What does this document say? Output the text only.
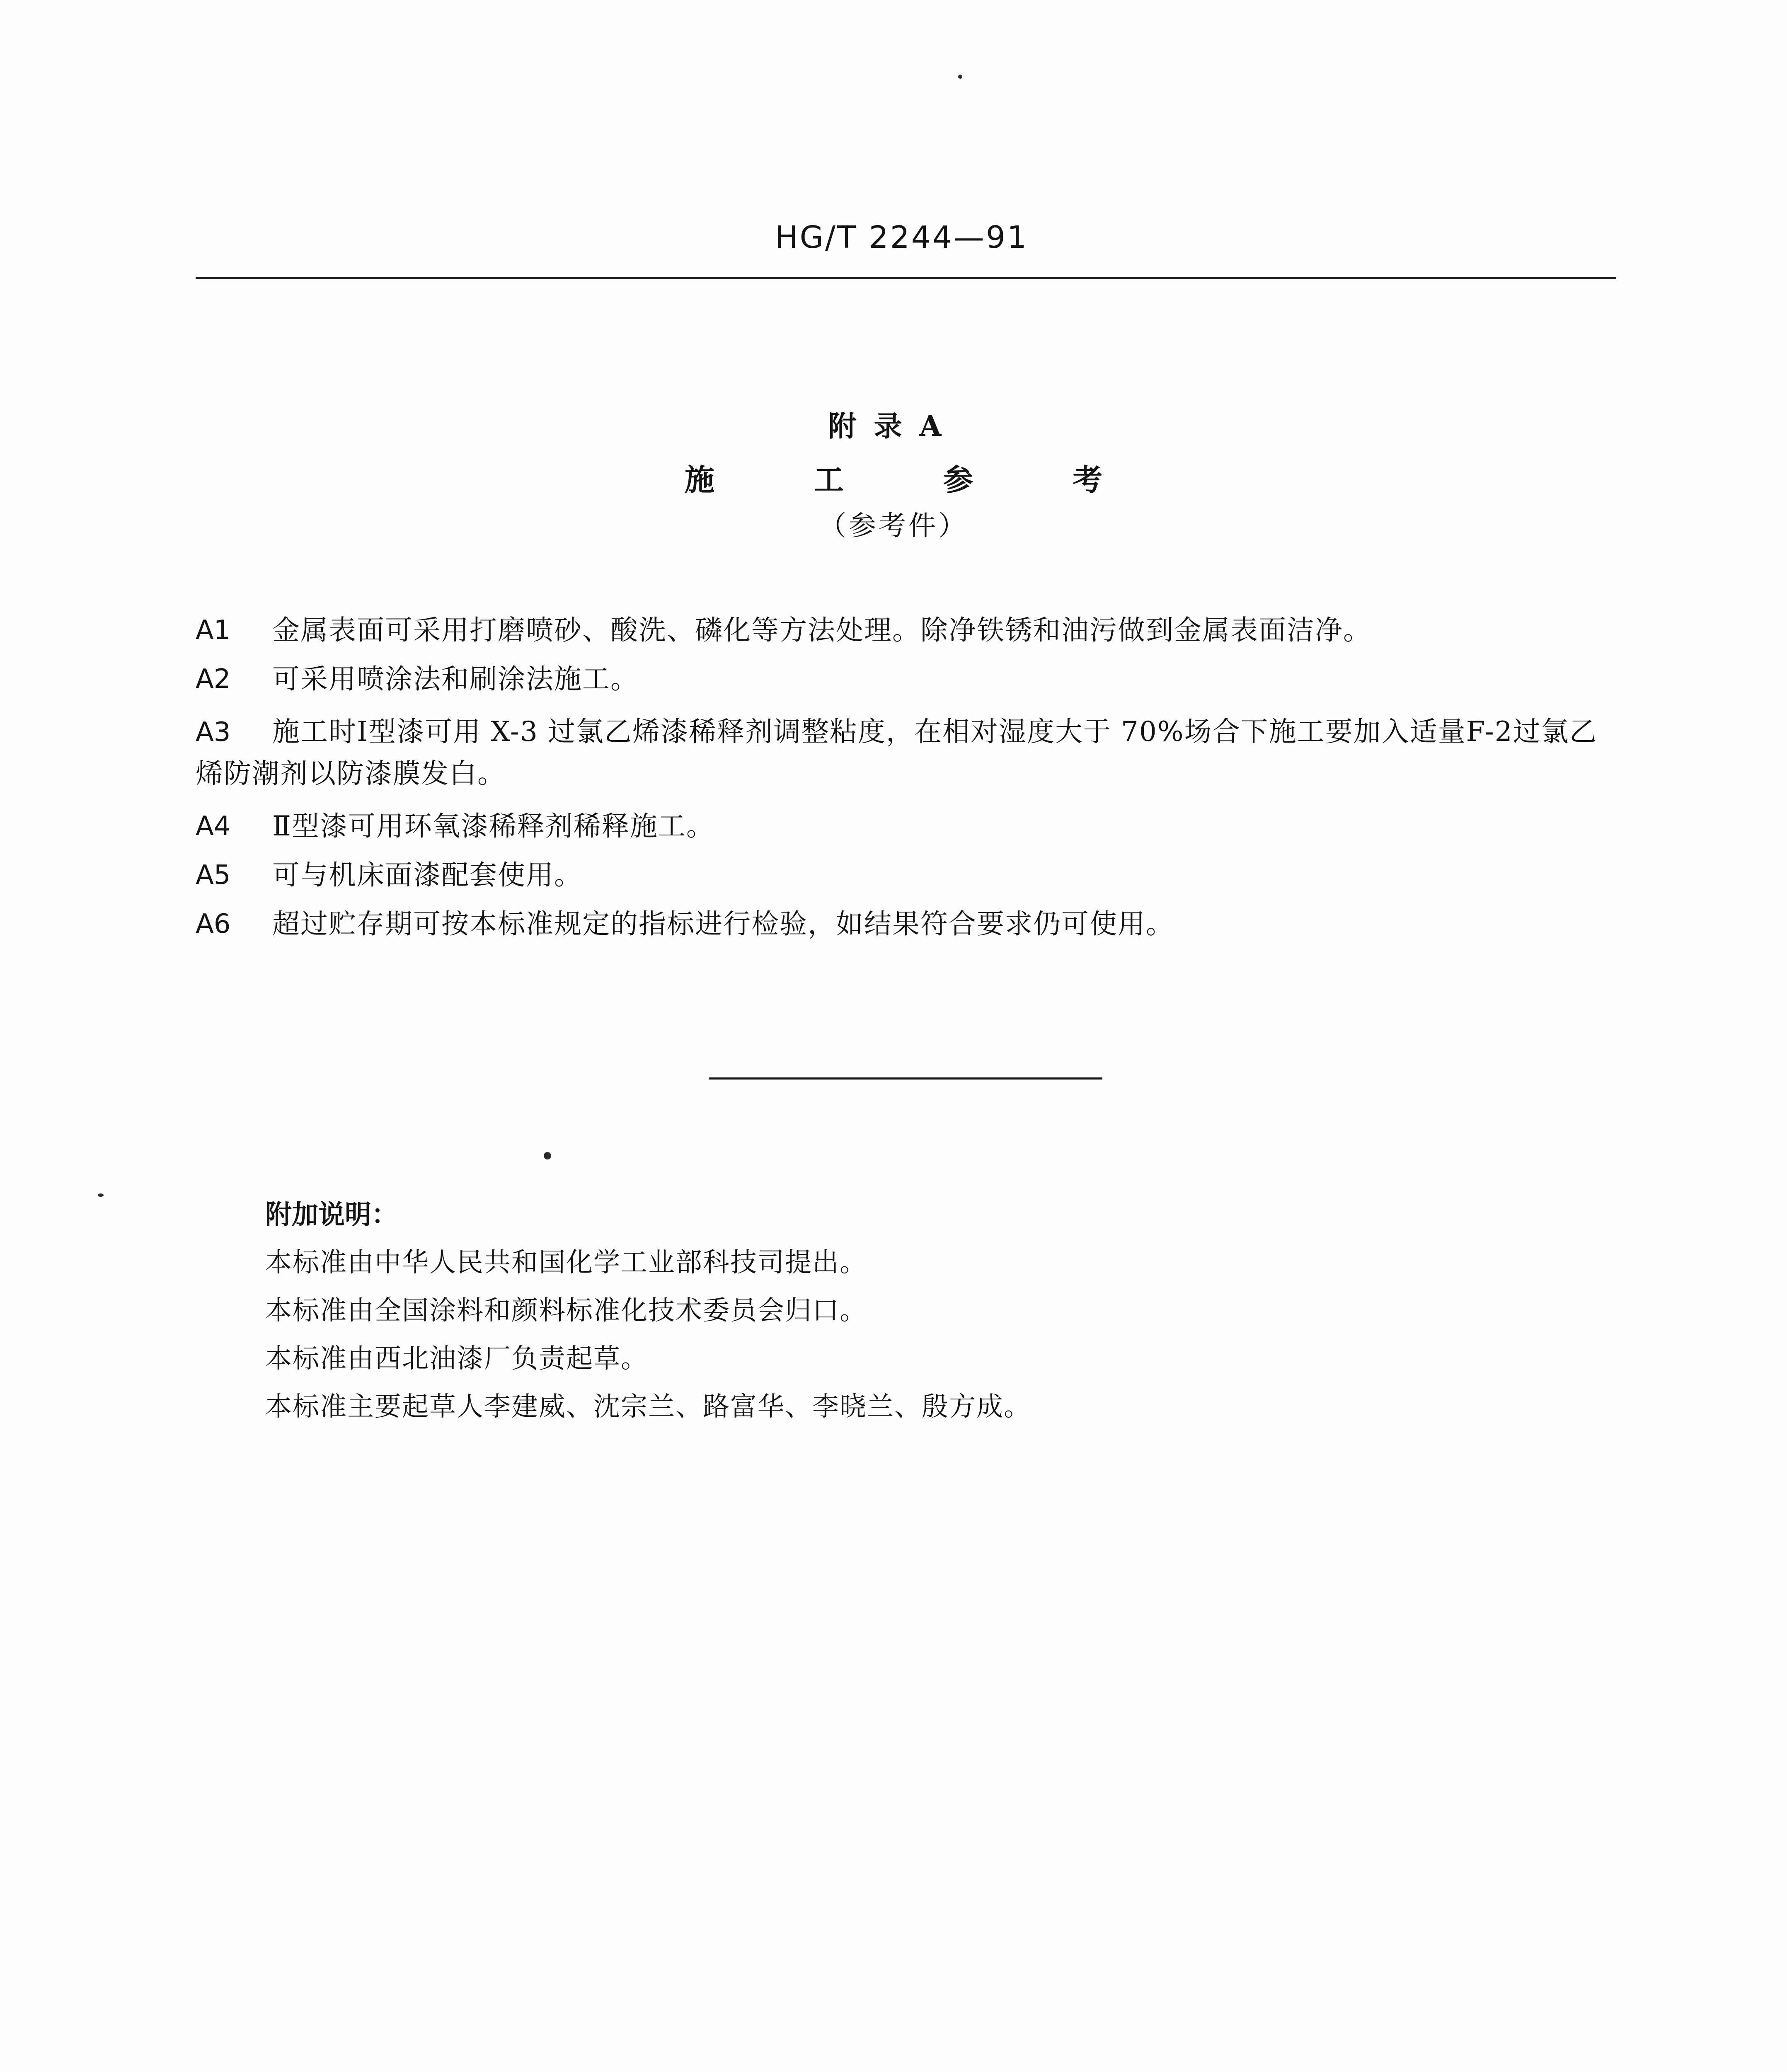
HG/T 2244—91
附录A
施工参考
（参考件）
A1	金属表面可采用打磨喷砂、酸洗、磷化等方法处理。除净铁锈和油污做到金属表面洁净。
A2	可采用喷涂法和刷涂法施工。
A3 施工时Ⅰ型漆可用 X-3 过氯乙烯漆稀释剂调整粘度，在相对湿度大于 70%场合下施工要加入适量F-2过氯乙烯防潮剂以防漆膜发白。
A4	Ⅱ型漆可用环氧漆稀释剂稀释施工。
A5	可与机床面漆配套使用。
A6	超过贮存期可按本标准规定的指标进行检验，如结果符合要求仍可使用。
附加说明：
本标准由中华人民共和国化学工业部科技司提出。
本标准由全国涂料和颜料标准化技术委员会归口。
本标准由西北油漆厂负责起草。
本标准主要起草人李建威、沈宗兰、路富华、李晓兰、殷方成。
